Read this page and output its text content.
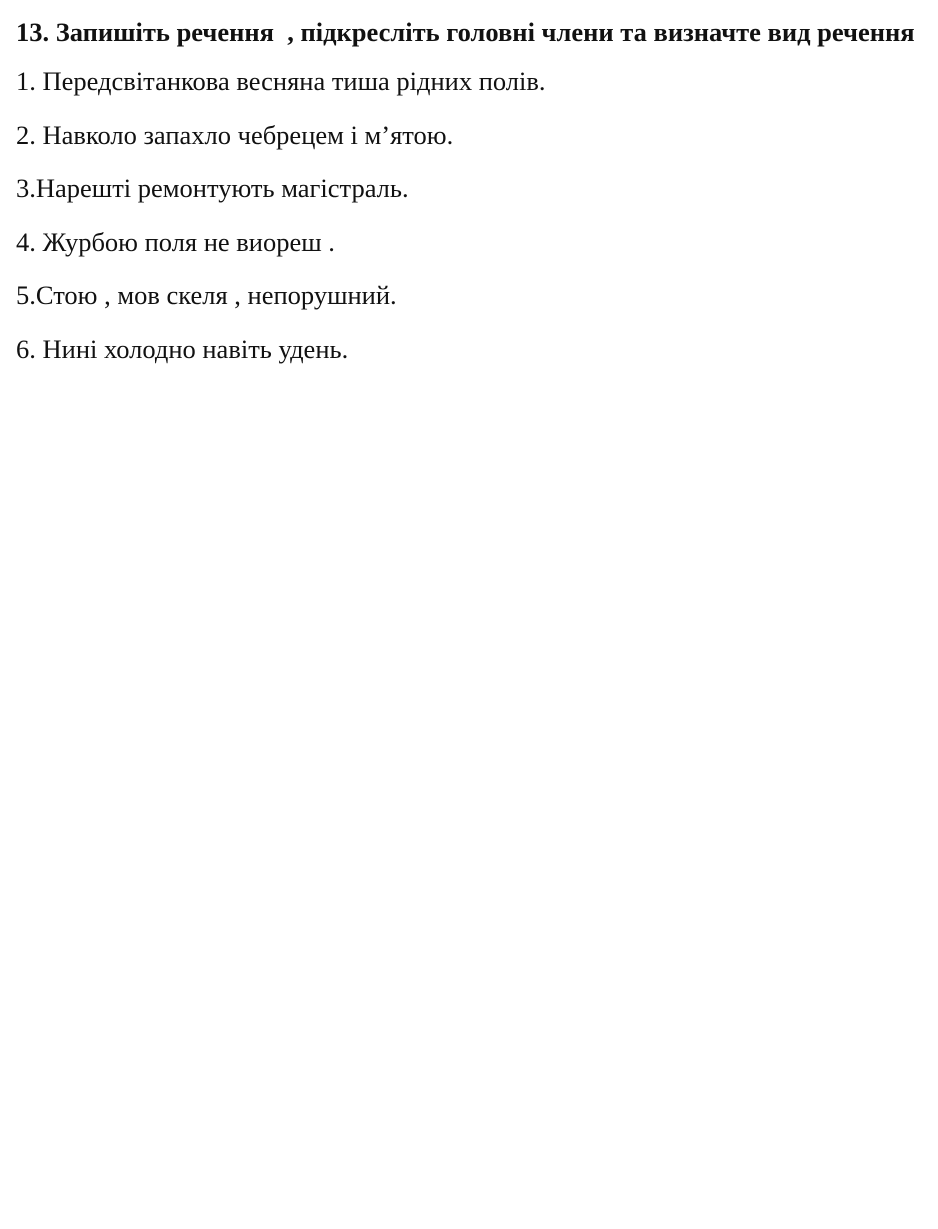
13. Запишіть речення  , підкресліть головні члени та визначте вид речення
1. Передсвітанкова весняна тиша рідних полів.
2. Навколо запахло чебрецем і м’ятою.
3.Нарешті ремонтують магістраль.
4. Журбою поля не виореш .
5.Стою , мов скеля , непорушний.
6. Нині холодно навіть удень.
